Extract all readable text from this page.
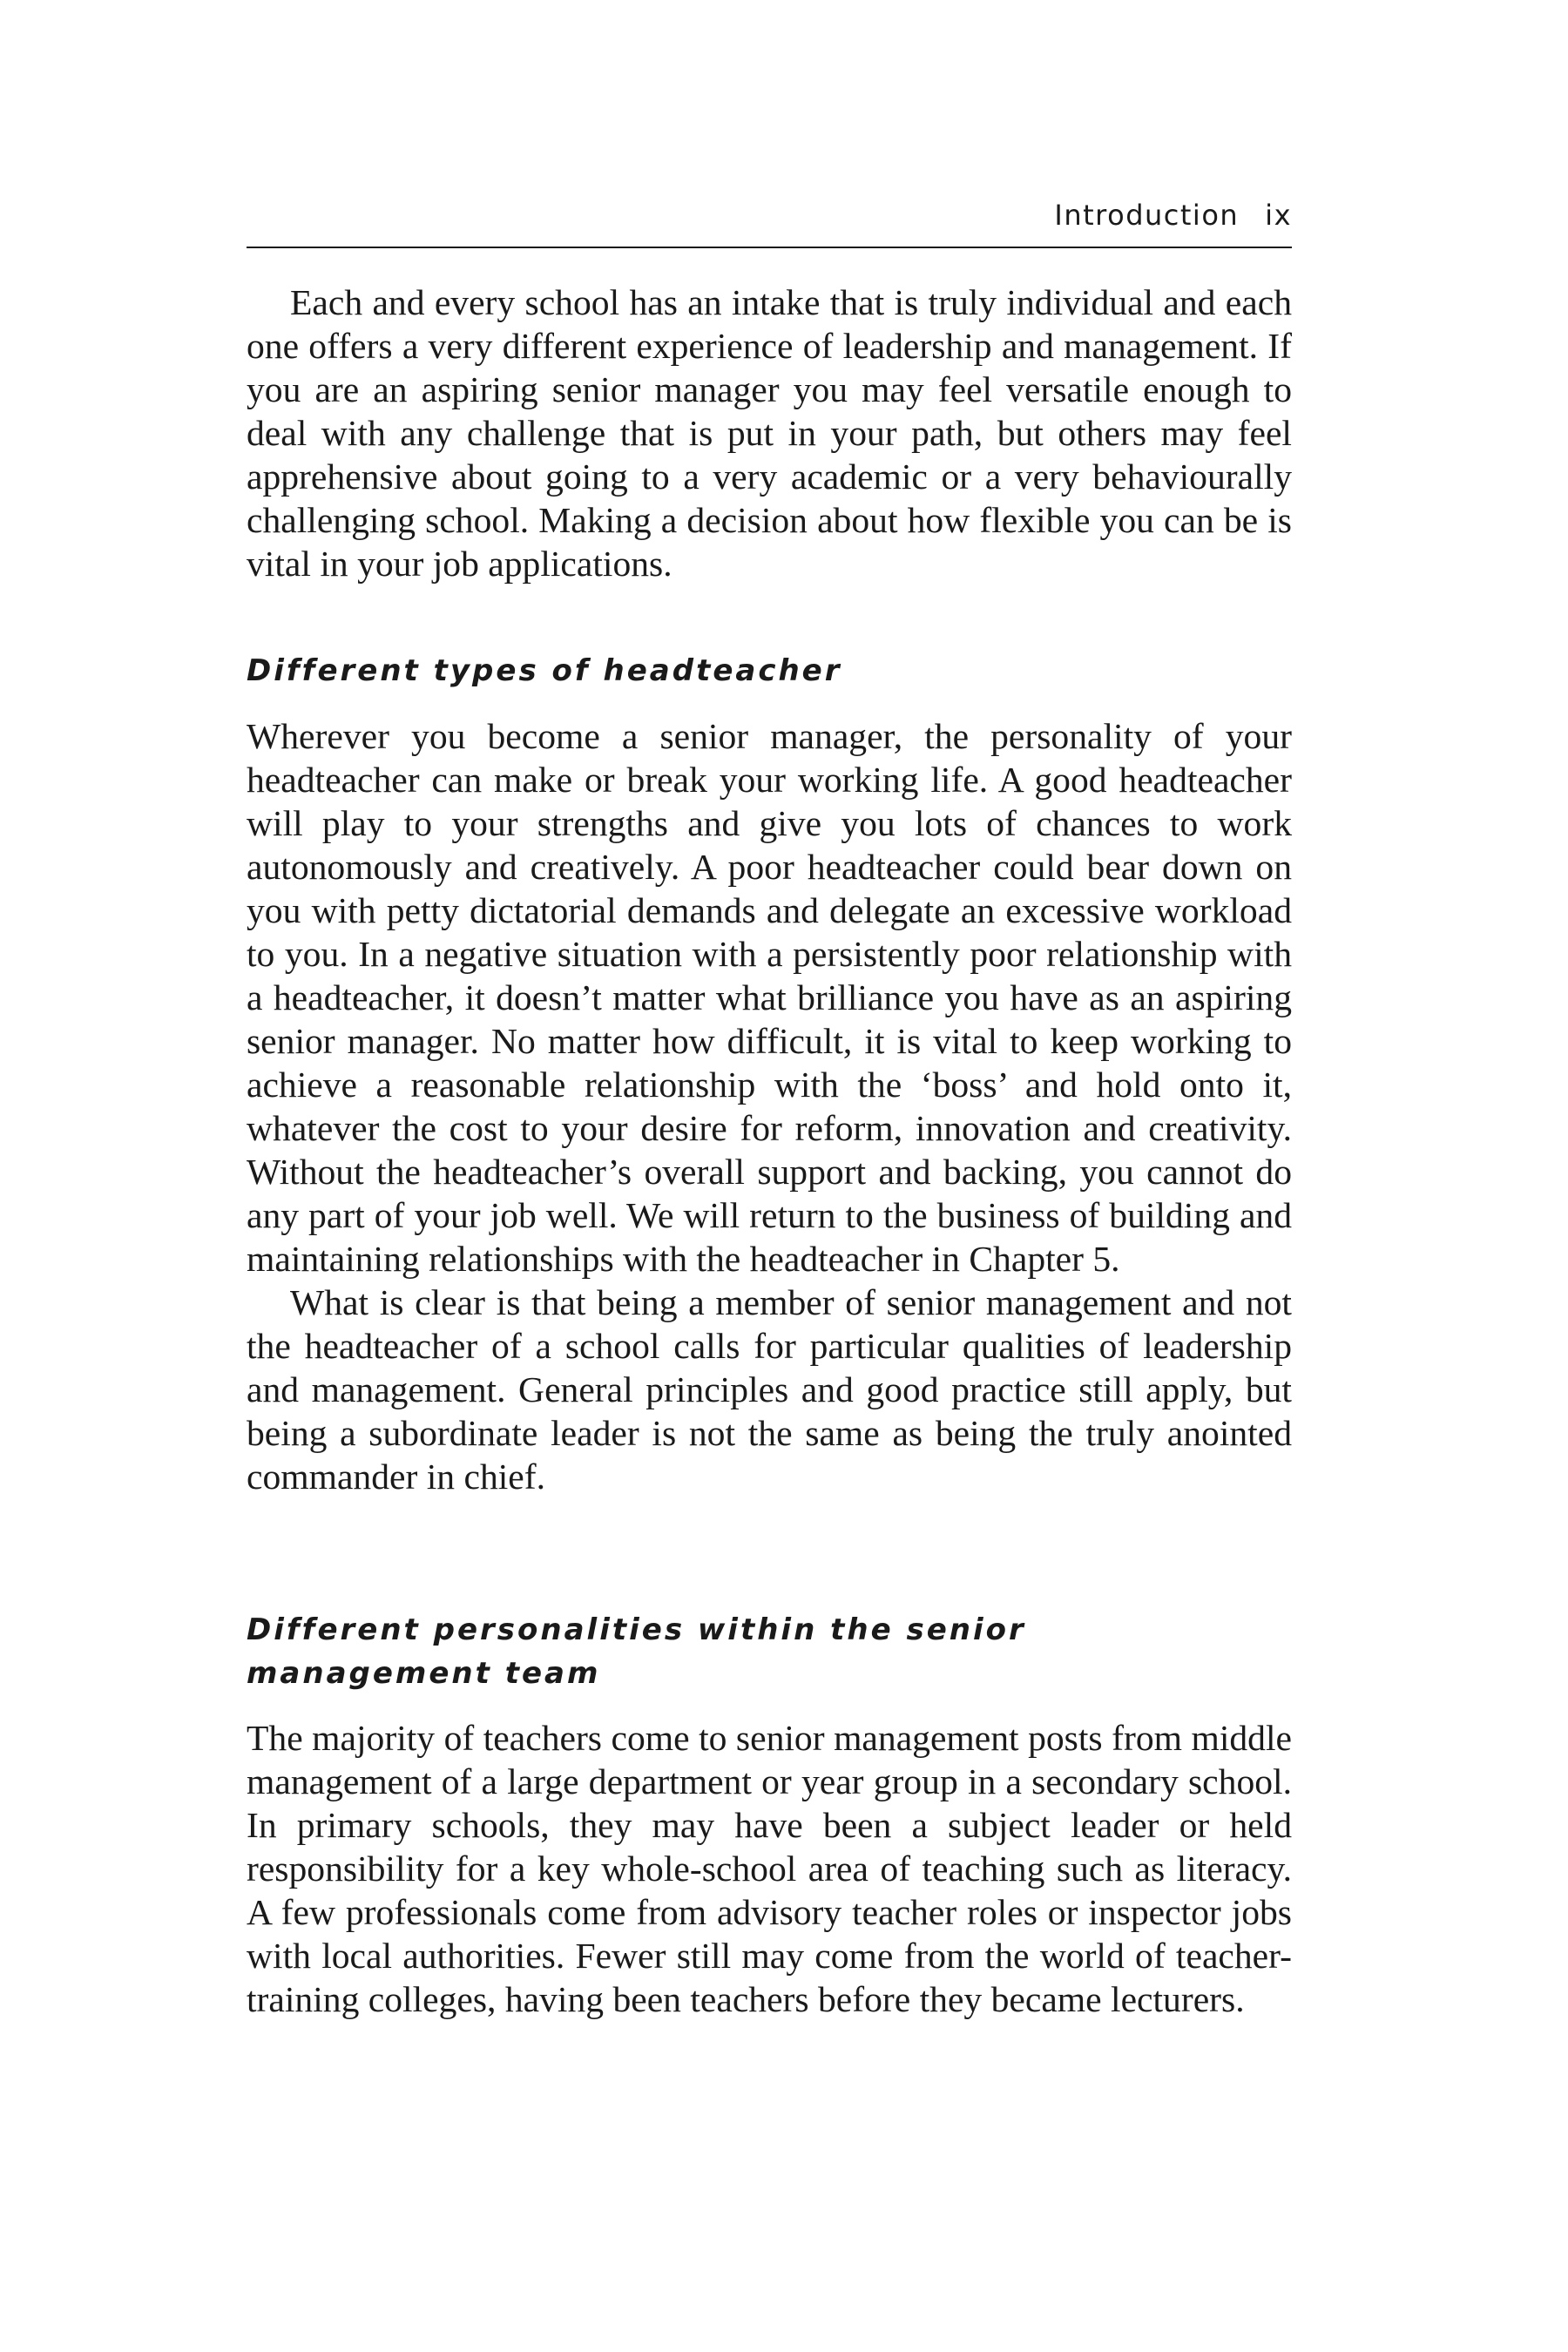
Introduction ix

Each and every school has an intake that is truly individual and each one offers a very different experience of leadership and management. If you are an aspiring senior manager you may feel versatile enough to deal with any challenge that is put in your path, but others may feel apprehensive about going to a very academic or a very behaviourally challenging school. Making a decision about how flexible you can be is vital in your job applications.

Different types of headteacher

Wherever you become a senior manager, the personality of your headteacher can make or break your working life. A good headteacher will play to your strengths and give you lots of chances to work autonomously and creatively. A poor headteacher could bear down on you with petty dictatorial demands and delegate an excessive workload to you. In a negative situation with a persistently poor relationship with a headteacher, it doesn’t matter what brilliance you have as an aspiring senior manager. No matter how difficult, it is vital to keep working to achieve a reasonable relationship with the ‘boss’ and hold onto it, whatever the cost to your desire for reform, innovation and creativity. Without the headteacher’s overall support and backing, you cannot do any part of your job well. We will return to the business of building and maintaining relationships with the headteacher in Chapter 5.

What is clear is that being a member of senior management and not the headteacher of a school calls for particular qualities of leadership and management. General principles and good practice still apply, but being a subordinate leader is not the same as being the truly anointed commander in chief.

Different personalities within the senior
management team

The majority of teachers come to senior management posts from middle management of a large department or year group in a secondary school. In primary schools, they may have been a subject leader or held responsibility for a key whole-school area of teaching such as literacy. A few professionals come from advisory teacher roles or inspector jobs with local authorities. Fewer still may come from the world of teacher-training colleges, having been teachers before they became lecturers.
